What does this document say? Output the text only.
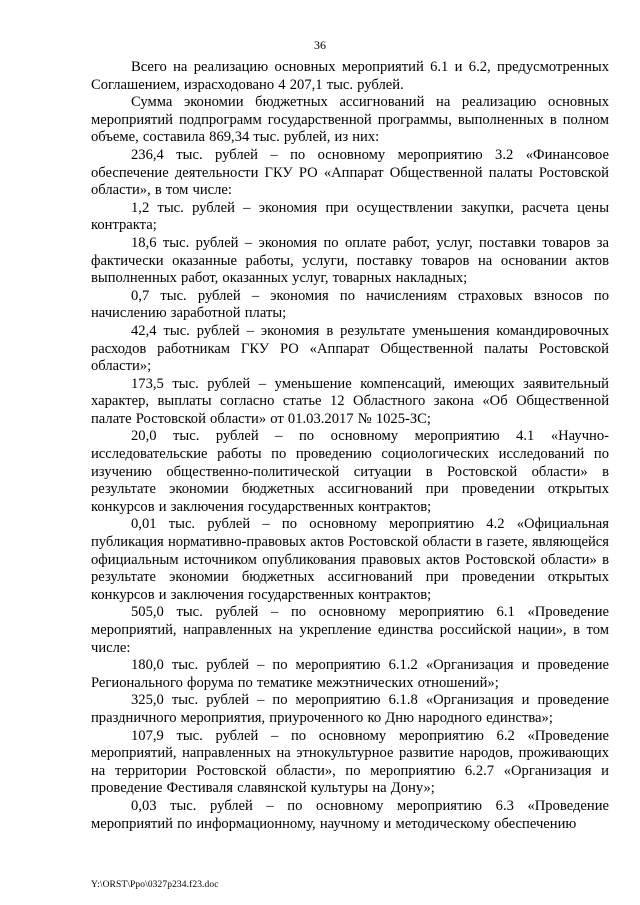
36

Всего на реализацию основных мероприятий 6.1 и 6.2, предусмотренных Соглашением, израсходовано 4 207,1 тыс. рублей.

Сумма экономии бюджетных ассигнований на реализацию основных мероприятий подпрограмм государственной программы, выполненных в полном объеме, составила 869,34 тыс. рублей, из них:

236,4 тыс. рублей – по основному мероприятию 3.2 «Финансовое обеспечение деятельности ГКУ РО «Аппарат Общественной палаты Ростовской области», в том числе:

1,2 тыс. рублей – экономия при осуществлении закупки, расчета цены контракта;

18,6 тыс. рублей – экономия по оплате работ, услуг, поставки товаров за фактически оказанные работы, услуги, поставку товаров на основании актов выполненных работ, оказанных услуг, товарных накладных;

0,7 тыс. рублей – экономия по начислениям страховых взносов по начислению заработной платы;

42,4 тыс. рублей – экономия в результате уменьшения командировочных расходов работникам ГКУ РО «Аппарат Общественной палаты Ростовской области»;

173,5 тыс. рублей – уменьшение компенсаций, имеющих заявительный характер, выплаты согласно статье 12 Областного закона «Об Общественной палате Ростовской области» от 01.03.2017 № 1025-ЗС;

20,0 тыс. рублей – по основному мероприятию 4.1 «Научно-исследовательские работы по проведению социологических исследований по изучению общественно-политической ситуации в Ростовской области» в результате экономии бюджетных ассигнований при проведении открытых конкурсов и заключения государственных контрактов;

0,01 тыс. рублей – по основному мероприятию 4.2 «Официальная публикация нормативно-правовых актов Ростовской области в газете, являющейся официальным источником опубликования правовых актов Ростовской области» в результате экономии бюджетных ассигнований при проведении открытых конкурсов и заключения государственных контрактов;

505,0 тыс. рублей – по основному мероприятию 6.1 «Проведение мероприятий, направленных на укрепление единства российской нации», в том числе:

180,0 тыс. рублей – по мероприятию 6.1.2 «Организация и проведение Регионального форума по тематике межэтнических отношений»;

325,0 тыс. рублей – по мероприятию 6.1.8 «Организация и проведение праздничного мероприятия, приуроченного ко Дню народного единства»;

107,9 тыс. рублей – по основному мероприятию 6.2 «Проведение мероприятий, направленных на этнокультурное развитие народов, проживающих на территории Ростовской области», по мероприятию 6.2.7 «Организация и проведение Фестиваля славянской культуры на Дону»;

0,03 тыс. рублей – по основному мероприятию 6.3 «Проведение мероприятий по информационному, научному и методическому обеспечению

Y:\ORST\Ppo\0327p234.f23.doc
